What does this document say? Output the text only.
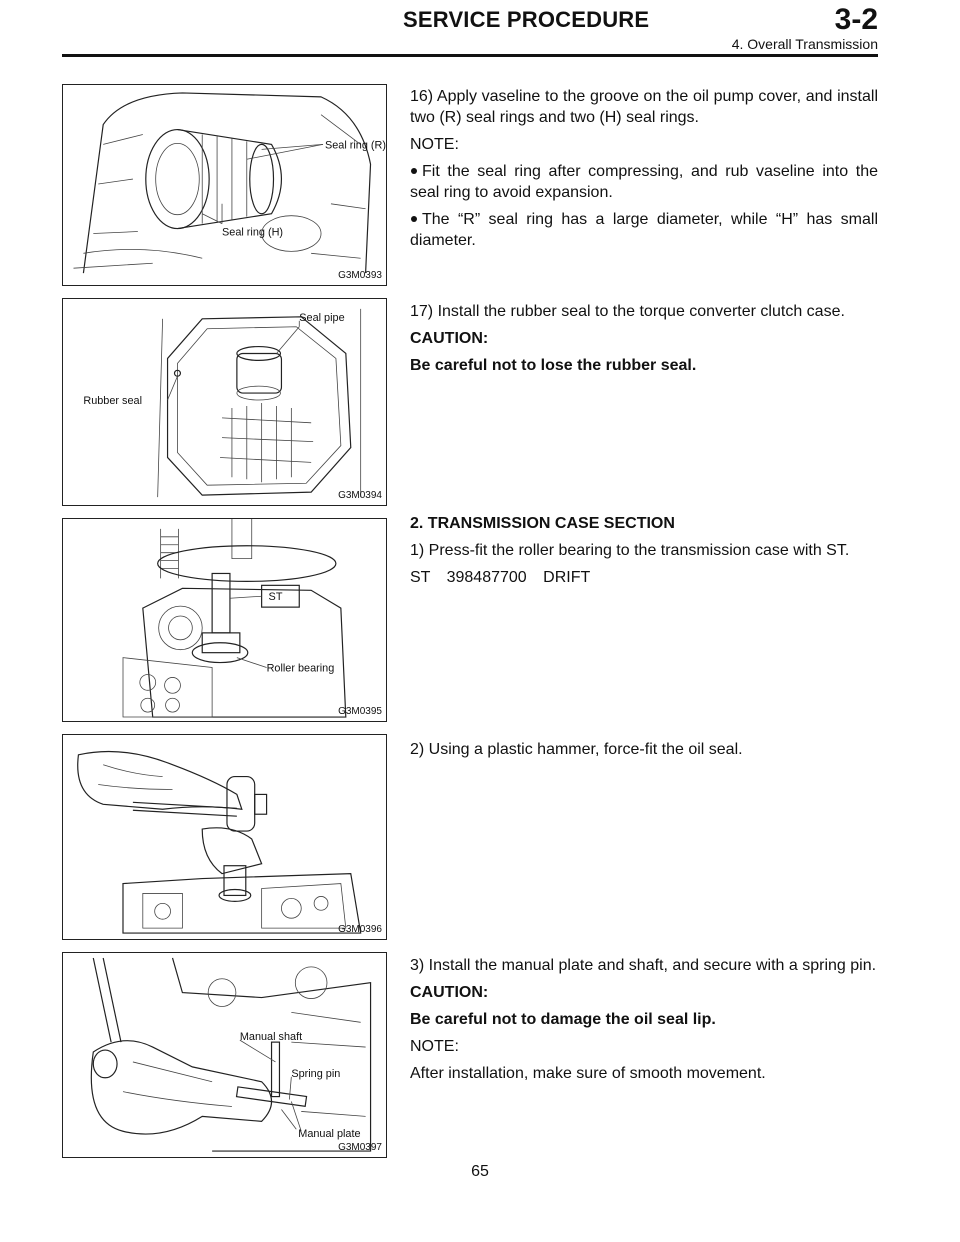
SERVICE PROCEDURE	3-2
4. Overall Transmission
Seal ring (R)
Seal ring (H)
G3M0393
Seal pipe
Rubber seal
G3M0394
ST
Roller bearing
G3M0395
G3M0396
Manual shaft
Spring pin
Manual plate
G3M0397

16) Apply vaseline to the groove on the oil pump cover, and install two (R) seal rings and two (H) seal rings.

NOTE:

Fit the seal ring after compressing, and rub vaseline into the seal ring to avoid expansion.

The “R” seal ring has a large diameter, while “H” has small diameter.

17) Install the rubber seal to the torque converter clutch case.

CAUTION:

Be careful not to lose the rubber seal.

2. TRANSMISSION CASE SECTION

1) Press-fit the roller bearing to the transmission case with ST.

ST 398487700 DRIFT

2) Using a plastic hammer, force-fit the oil seal.

3) Install the manual plate and shaft, and secure with a spring pin.

CAUTION:

Be careful not to damage the oil seal lip.

NOTE:

After installation, make sure of smooth movement.

65
